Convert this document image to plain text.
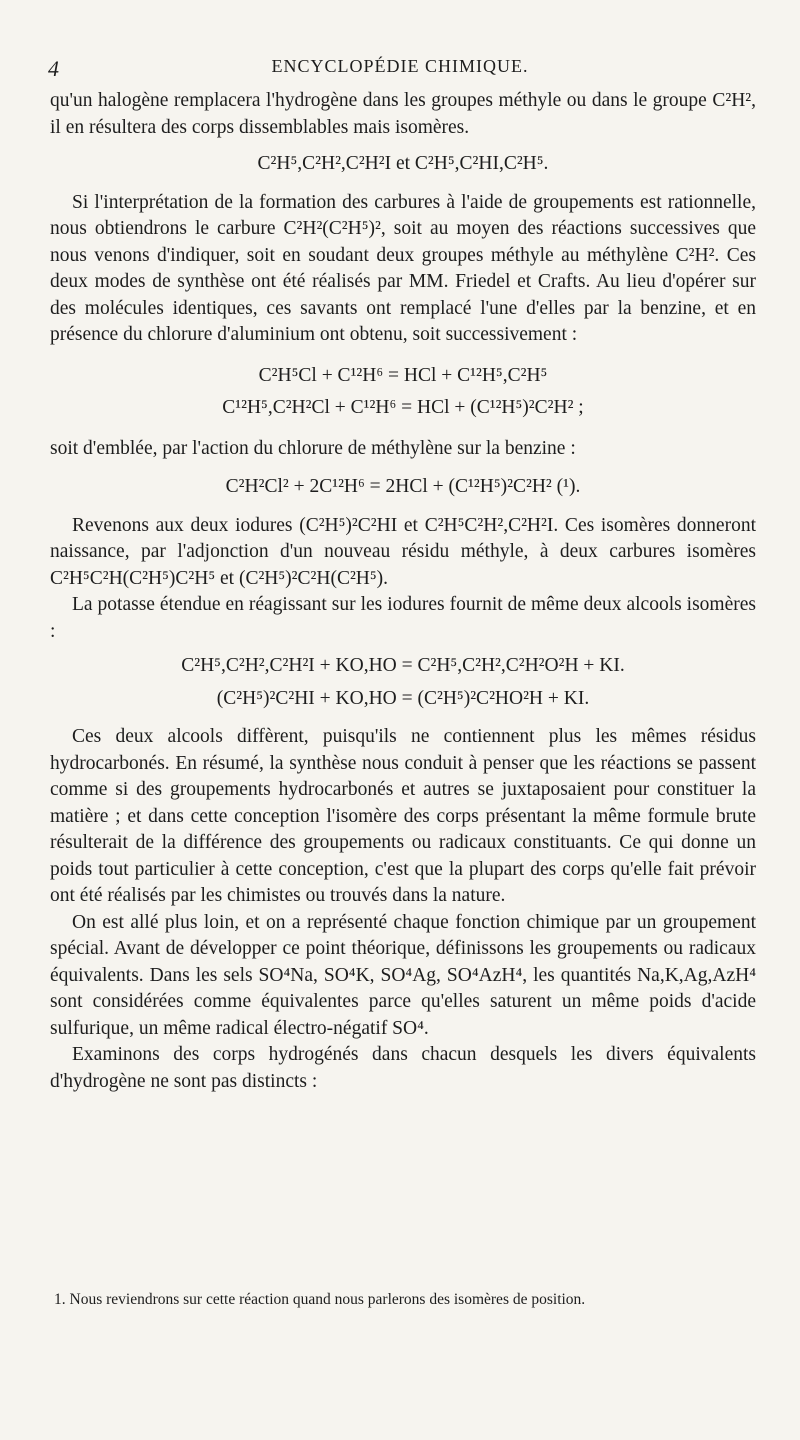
4	ENCYCLOPÉDIE CHIMIQUE.

qu'un halogène remplacera l'hydrogène dans les groupes méthyle ou dans le groupe C²H², il en résultera des corps dissemblables mais isomères.

C²H⁵,C²H²,C²H²I et C²H⁵,C²HI,C²H⁵.

Si l'interprétation de la formation des carbures à l'aide de groupements est rationnelle, nous obtiendrons le carbure C²H²(C²H⁵)², soit au moyen des réactions successives que nous venons d'indiquer, soit en soudant deux groupes méthyle au méthylène C²H². Ces deux modes de synthèse ont été réalisés par MM. Friedel et Crafts. Au lieu d'opérer sur des molécules identiques, ces savants ont remplacé l'une d'elles par la benzine, et en présence du chlorure d'aluminium ont obtenu, soit successivement :

C²H⁵Cl + C¹²H⁶ = HCl + C¹²H⁵,C²H⁵

C¹²H⁵,C²H²Cl + C¹²H⁶ = HCl + (C¹²H⁵)²C²H² ;

soit d'emblée, par l'action du chlorure de méthylène sur la benzine :

C²H²Cl² + 2C¹²H⁶ = 2HCl + (C¹²H⁵)²C²H² (¹).

Revenons aux deux iodures (C²H⁵)²C²HI et C²H⁵C²H²,C²H²I. Ces isomères donneront naissance, par l'adjonction d'un nouveau résidu méthyle, à deux carbures isomères C²H⁵C²H(C²H⁵)C²H⁵ et (C²H⁵)²C²H(C²H⁵).

La potasse étendue en réagissant sur les iodures fournit de même deux alcools isomères :

C²H⁵,C²H²,C²H²I + KO,HO = C²H⁵,C²H²,C²H²O²H + KI.

(C²H⁵)²C²HI + KO,HO = (C²H⁵)²C²HO²H + KI.

Ces deux alcools diffèrent, puisqu'ils ne contiennent plus les mêmes résidus hydrocarbonés. En résumé, la synthèse nous conduit à penser que les réactions se passent comme si des groupements hydrocarbonés et autres se juxtaposaient pour constituer la matière ; et dans cette conception l'isomère des corps présentant la même formule brute résulterait de la différence des groupements ou radicaux constituants. Ce qui donne un poids tout particulier à cette conception, c'est que la plupart des corps qu'elle fait prévoir ont été réalisés par les chimistes ou trouvés dans la nature.

On est allé plus loin, et on a représenté chaque fonction chimique par un groupement spécial. Avant de développer ce point théorique, définissons les groupements ou radicaux équivalents. Dans les sels SO⁴Na, SO⁴K, SO⁴Ag, SO⁴AzH⁴, les quantités Na,K,Ag,AzH⁴ sont considérées comme équivalentes parce qu'elles saturent un même poids d'acide sulfurique, un même radical électro-négatif SO⁴.

Examinons des corps hydrogénés dans chacun desquels les divers équivalents d'hydrogène ne sont pas distincts :

1. Nous reviendrons sur cette réaction quand nous parlerons des isomères de position.
